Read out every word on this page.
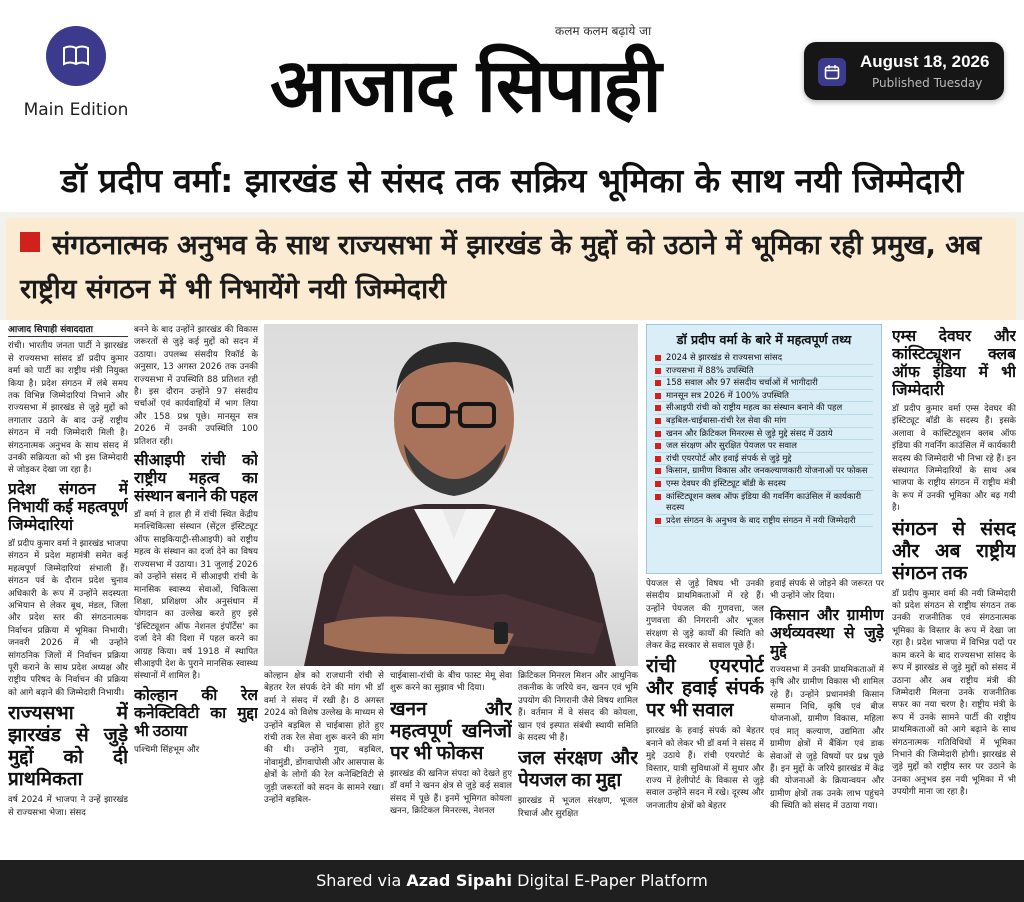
Main Edition
कलम कलम बढ़ाये जा
आजाद सिपाही	August 18, 2026
Published Tuesday
डॉ प्रदीप वर्मा: झारखंड से संसद तक सक्रिय भूमिका के साथ नयी जिम्मेदारी

संगठनात्मक अनुभव के साथ राज्यसभा में झारखंड के मुद्दों को उठाने में भूमिका रही प्रमुख, अब राष्ट्रीय संगठन में भी निभायेंगे नयी जिम्मेदारी

आजाद सिपाही संवाददाता

रांची। भारतीय जनता पार्टी ने झारखंड से राज्यसभा सांसद डॉ प्रदीप कुमार वर्मा को पार्टी का राष्ट्रीय मंत्री नियुक्त किया है। प्रदेश संगठन में लंबे समय तक विभिन्न जिम्मेदारियां निभाने और राज्यसभा में झारखंड से जुड़े मुद्दों को लगातार उठाने के बाद उन्हें राष्ट्रीय संगठन में नयी जिम्मेदारी मिली है। संगठनात्मक अनुभव के साथ संसद में उनकी सक्रियता को भी इस जिम्मेदारी से जोड़कर देखा जा रहा है।

प्रदेश संगठन में निभायीं कई महत्वपूर्ण जिम्मेदारियां

डॉ प्रदीप कुमार वर्मा ने झारखंड भाजपा संगठन में प्रदेश महामंत्री समेत कई महत्वपूर्ण जिम्मेदारियां संभाली हैं। संगठन पर्व के दौरान प्रदेश चुनाव अधिकारी के रूप में उन्होंने सदस्यता अभियान से लेकर बूथ, मंडल, जिला और प्रदेश स्तर की संगठनात्मक निर्वाचन प्रक्रिया में भूमिका निभायी। जनवरी 2026 में भी उन्होंने सांगठनिक जिलों में निर्वाचन प्रक्रिया पूरी कराने के साथ प्रदेश अध्यक्ष और राष्ट्रीय परिषद के निर्वाचन की प्रक्रिया को आगे बढ़ाने की जिम्मेदारी निभायी।

राज्यसभा में झारखंड से जुड़े मुद्दों को दी प्राथमिकता

वर्ष 2024 में भाजपा ने उन्हें झारखंड से राज्यसभा भेजा। संसद

बनने के बाद उन्होंने झारखंड की विकास जरूरतों से जुड़े कई मुद्दों को सदन में उठाया। उपलब्ध संसदीय रिकॉर्ड के अनुसार, 13 अगस्त 2026 तक उनकी राज्यसभा में उपस्थिति 88 प्रतिशत रही है। इस दौरान उन्होंने 97 संसदीय चर्चाओं एवं कार्यवाहियों में भाग लिया और 158 प्रश्न पूछे। मानसून सत्र 2026 में उनकी उपस्थिति 100 प्रतिशत रही।

सीआइपी रांची को राष्ट्रीय महत्व का संस्थान बनाने की पहल

डॉ वर्मा ने हाल ही में रांची स्थित केंद्रीय मनश्चिकित्सा संस्थान (सेंट्रल इंस्टिट्यूट ऑफ साइकियाट्री-सीआइपी) को राष्ट्रीय महत्व के संस्थान का दर्जा देने का विषय राज्यसभा में उठाया। 31 जुलाई 2026 को उन्होंने संसद में सीआइपी रांची के मानसिक स्वास्थ्य सेवाओं, चिकित्सा शिक्षा, प्रशिक्षण और अनुसंधान में योगदान का उल्लेख करते हुए इसे 'इंस्टिट्यूशन ऑफ नेशनल इंपॉर्टेंस' का दर्जा देने की दिशा में पहल करने का आग्रह किया। वर्ष 1918 में स्थापित सीआइपी देश के पुराने मानसिक स्वास्थ्य संस्थानों में शामिल है।

कोल्हान की रेल कनेक्टिविटी का मुद्दा भी उठाया

पश्चिमी सिंहभूम और

कोल्हान क्षेत्र को राजधानी रांची से बेहतर रेल संपर्क देने की मांग भी डॉ वर्मा ने संसद में रखी है। 8 अगस्त 2024 को विशेष उल्लेख के माध्यम से उन्होंने बड़बिल से चाईबासा होते हुए रांची तक रेल सेवा शुरू करने की मांग की थी। उन्होंने गुवा, बड़बिल, नोवामुंडी, डोंगवापोसी और आसपास के क्षेत्रों के लोगों की रेल कनेक्टिविटी से जुड़ी जरूरतों को सदन के सामने रखा। उन्होंने बड़बिल-

चाईबासा-रांची के बीच फास्ट मेमू सेवा शुरू करने का सुझाव भी दिया।

खनन और महत्वपूर्ण खनिजों पर भी फोकस

झारखंड की खनिज संपदा को देखते हुए डॉ वर्मा ने खनन क्षेत्र से जुड़े कई सवाल संसद में पूछे हैं। इनमें भूमिगत कोयला खनन, क्रिटिकल मिनरल्स, नेशनल

क्रिटिकल मिनरल मिशन और आधुनिक तकनीक के जरिये वन, खनन एवं भूमि उपयोग की निगरानी जैसे विषय शामिल हैं। वर्तमान में वे संसद की कोयला, खान एवं इस्पात संबंधी स्थायी समिति के सदस्य भी हैं।

जल संरक्षण और पेयजल का मुद्दा

झारखंड में भूजल संरक्षण, भूजल रिचार्ज और सुरक्षित

डॉ प्रदीप वर्मा के बारे में महत्वपूर्ण तथ्य
2024 से झारखंड से राज्यसभा सांसद
राज्यसभा में 88% उपस्थिति
158 सवाल और 97 संसदीय चर्चाओं में भागीदारी
मानसून सत्र 2026 में 100% उपस्थिति
सीआइपी रांची को राष्ट्रीय महत्व का संस्थान बनाने की पहल
बड़बिल-चाईबासा-रांची रेल सेवा की मांग
खनन और क्रिटिकल मिनरल्स से जुड़े मुद्दे संसद में उठाये
जल संरक्षण और सुरक्षित पेयजल पर सवाल
रांची एयरपोर्ट और हवाई संपर्क से जुड़े मुद्दे
किसान, ग्रामीण विकास और जनकल्याणकारी योजनाओं पर फोकस
एम्स देवघर की इंस्टिट्यूट बॉडी के सदस्य
कांस्टिट्यूशन क्लब ऑफ इंडिया की गवर्निंग काउंसिल में कार्यकारी सदस्य
प्रदेश संगठन के अनुभव के बाद राष्ट्रीय संगठन में नयी जिम्मेदारी

पेयजल से जुड़े विषय भी उनकी संसदीय प्राथमिकताओं में रहे हैं। उन्होंने पेयजल की गुणवत्ता, जल गुणवत्ता की निगरानी और भूजल संरक्षण से जुड़े कार्यों की स्थिति को लेकर केंद्र सरकार से सवाल पूछे हैं।

रांची एयरपोर्ट और हवाई संपर्क पर भी सवाल

झारखंड के हवाई संपर्क को बेहतर बनाने को लेकर भी डॉ वर्मा ने संसद में मुद्दे उठाये हैं। रांची एयरपोर्ट के विस्तार, यात्री सुविधाओं में सुधार और राज्य में हेलीपोर्ट के विकास से जुड़े सवाल उन्होंने सदन में रखे। दूरस्थ और जनजातीय क्षेत्रों को बेहतर

हवाई संपर्क से जोड़ने की जरूरत पर भी उन्होंने जोर दिया।

किसान और ग्रामीण अर्थव्यवस्था से जुड़े मुद्दे

राज्यसभा में उनकी प्राथमिकताओं में कृषि और ग्रामीण विकास भी शामिल रहे हैं। उन्होंने प्रधानमंत्री किसान सम्मान निधि, कृषि एवं बीज योजनाओं, ग्रामीण विकास, महिला एवं मातृ कल्याण, उद्यमिता और ग्रामीण क्षेत्रों में बैंकिंग एवं डाक सेवाओं से जुड़े विषयों पर प्रश्न पूछे हैं। इन मुद्दों के जरिये झारखंड में केंद्र की योजनाओं के क्रियान्वयन और ग्रामीण क्षेत्रों तक उनके लाभ पहुंचने की स्थिति को संसद में उठाया गया।

एम्स देवघर और कांस्टिट्यूशन क्लब ऑफ इंडिया में भी जिम्मेदारी

डॉ प्रदीप कुमार वर्मा एम्स देवघर की इंस्टिट्यूट बॉडी के सदस्य हैं। इसके अलावा वे कांस्टिट्यूशन क्लब ऑफ इंडिया की गवर्निंग काउंसिल में कार्यकारी सदस्य की जिम्मेदारी भी निभा रहे हैं। इन संस्थागत जिम्मेदारियों के साथ अब भाजपा के राष्ट्रीय संगठन में राष्ट्रीय मंत्री के रूप में उनकी भूमिका और बढ़ गयी है।

संगठन से संसद और अब राष्ट्रीय संगठन तक

डॉ प्रदीप कुमार वर्मा की नयी जिम्मेदारी को प्रदेश संगठन से राष्ट्रीय संगठन तक उनकी राजनीतिक एवं संगठनात्मक भूमिका के विस्तार के रूप में देखा जा रहा है। प्रदेश भाजपा में विभिन्न पदों पर काम करने के बाद राज्यसभा सांसद के रूप में झारखंड से जुड़े मुद्दों को संसद में उठाना और अब राष्ट्रीय मंत्री की जिम्मेदारी मिलना उनके राजनीतिक सफर का नया चरण है। राष्ट्रीय मंत्री के रूप में उनके सामने पार्टी की राष्ट्रीय प्राथमिकताओं को आगे बढ़ाने के साथ संगठनात्मक गतिविधियों में भूमिका निभाने की जिम्मेदारी होगी। झारखंड से जुड़े मुद्दों को राष्ट्रीय स्तर पर उठाने के उनका अनुभव इस नयी भूमिका में भी उपयोगी माना जा रहा है।

Shared via Azad Sipahi Digital E-Paper Platform
